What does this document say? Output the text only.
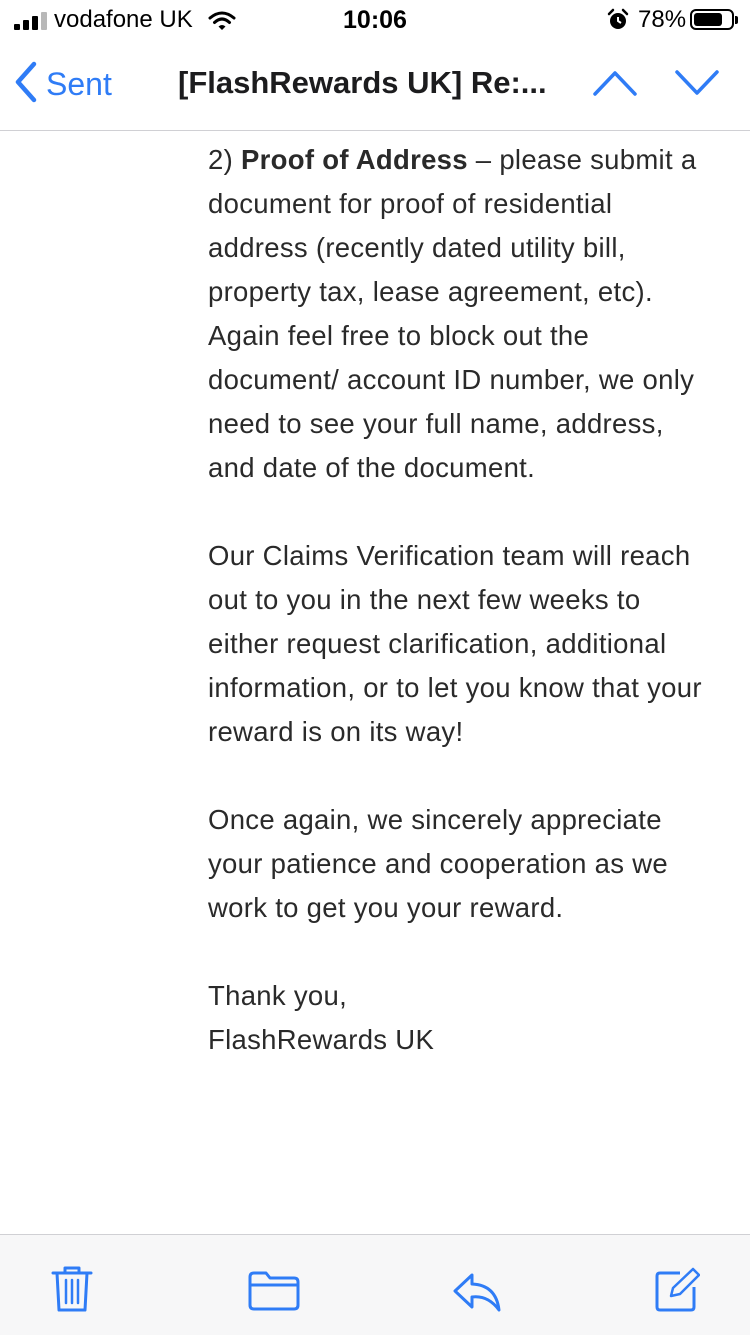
vodafone UK	10:06	78%
Sent [FlashRewards UK] Re:...

2) Proof of Address – please submit a document for proof of residential address (recently dated utility bill, property tax, lease agreement, etc). Again feel free to block out the document/ account ID number, we only need to see your full name, address, and date of the document.

Our Claims Verification team will reach out to you in the next few weeks to either request clarification, additional information, or to let you know that your reward is on its way!

Once again, we sincerely appreciate your patience and cooperation as we work to get you your reward.

Thank you,

FlashRewards UK
